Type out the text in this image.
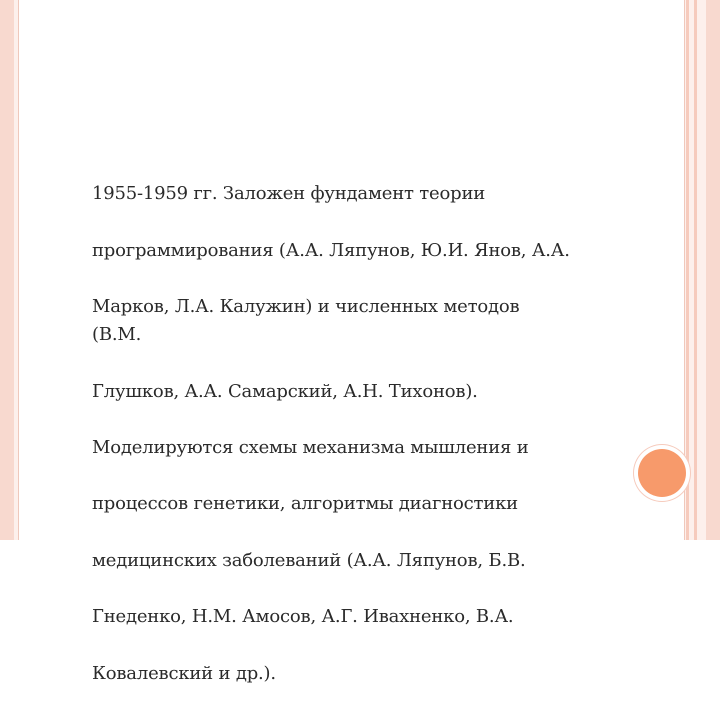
1955-1959 гг. Заложен фундамент теории

программирования (А.А. Ляпунов, Ю.И. Янов, А.А.

Марков, Л.А. Калужин) и численных методов (В.М.

Глушков, А.А. Самарский, А.Н. Тихонов).

Моделируются схемы механизма мышления и

процессов генетики, алгоритмы диагностики

медицинских заболеваний (А.А. Ляпунов, Б.В.

Гнеденко, Н.М. Амосов, А.Г. Ивахненко, В.А.

Ковалевский и др.).
